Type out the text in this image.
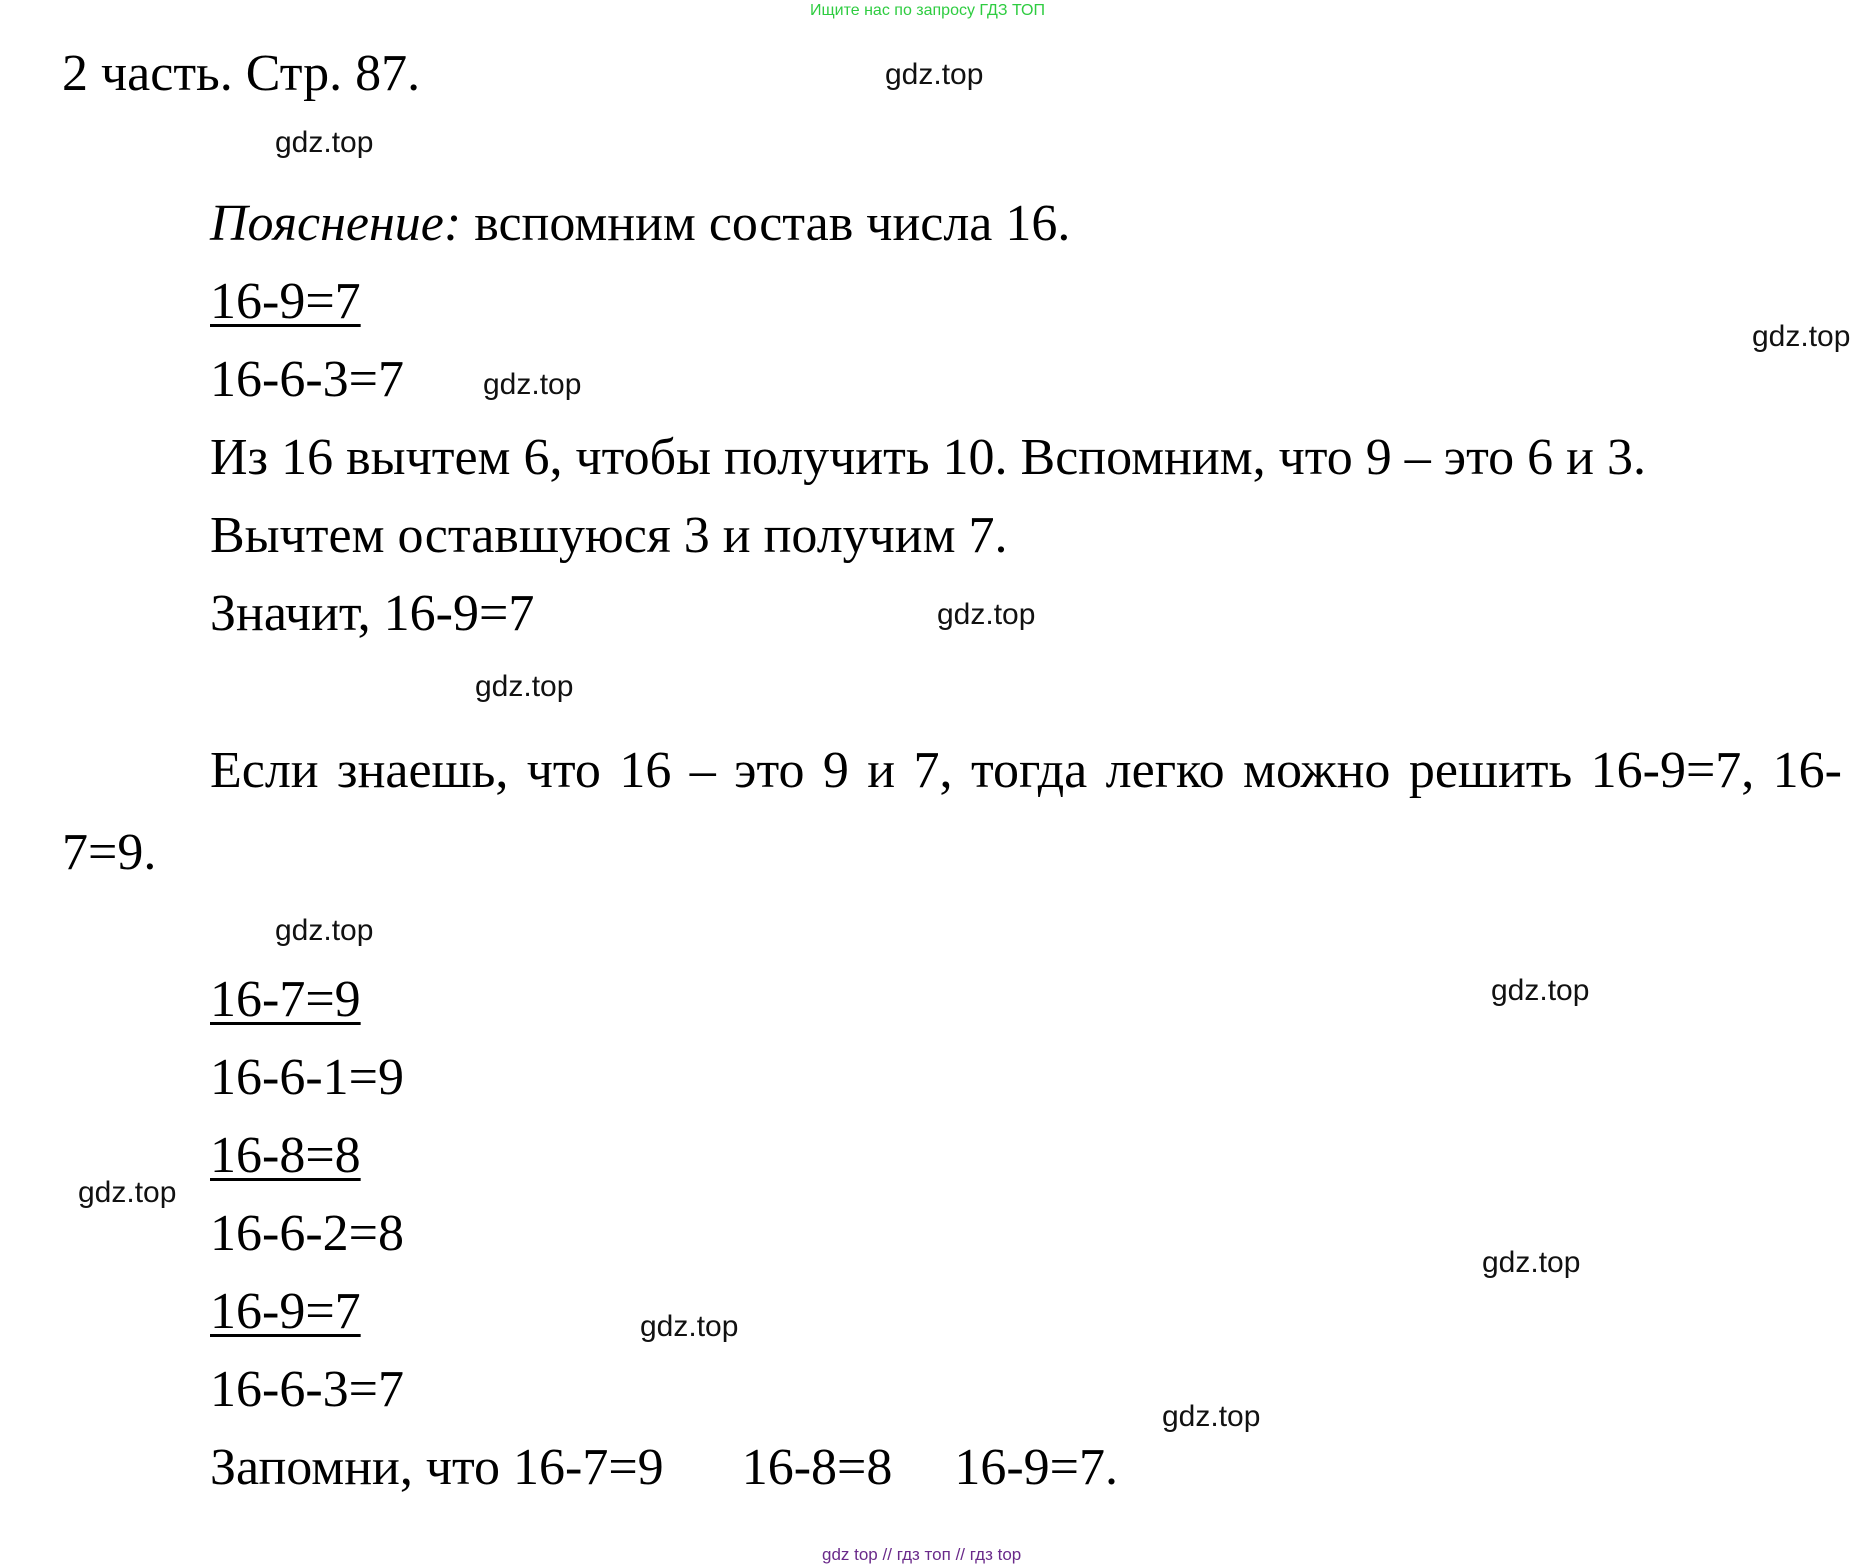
Ищите нас по запросу ГДЗ ТОП
2 часть. Стр. 87.
Пояснение: вспомним состав числа 16.
16-9=7
16-6-3=7
Из 16 вычтем 6, чтобы получить 10. Вспомним, что 9 – это 6 и 3.
Вычтем оставшуюся 3 и получим 7.
Значит, 16-9=7
Если знаешь, что 16 – это 9 и 7, тогда легко можно решить 16-9=7, 16-7=9.
16-7=9
16-6-1=9
16-8=8
16-6-2=8
16-9=7
16-6-3=7
Запомни, что 16-7=9 16-8=8 16-9=7.
gdz.top
gdz.top
gdz.top
gdz.top
gdz.top
gdz.top
gdz.top
gdz.top
gdz.top
gdz.top
gdz.top
gdz.top
gdz top // гдз топ // гдз top
